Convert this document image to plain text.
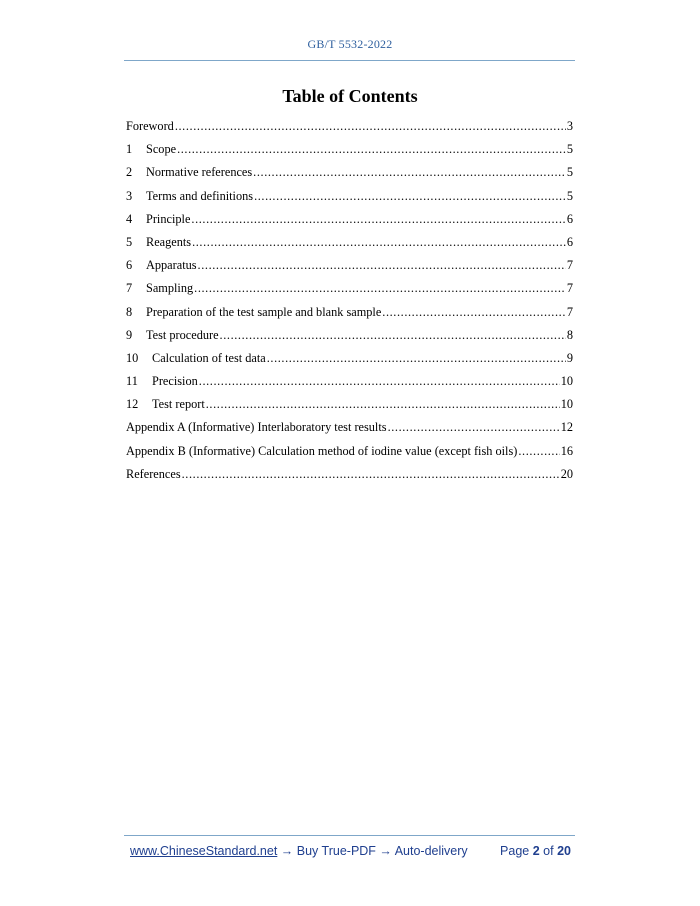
GB/T 5532-2022
Table of Contents
Foreword .....	3
1	Scope .....	5
2	Normative references .....	5
3	Terms and definitions .....	5
4	Principle .....	6
5	Reagents .....	6
6	Apparatus .....	7
7	Sampling .....	7
8	Preparation of the test sample and blank sample .....	7
9	Test procedure .....	8
10	Calculation of test data .....	9
11	Precision .....	10
12	Test report .....	10
Appendix A (Informative) Interlaboratory test results .....	12
Appendix B (Informative) Calculation method of iodine value (except fish oils) .....	16
References .....	20
www.ChineseStandard.net → Buy True-PDF → Auto-delivery	Page 2 of 20
